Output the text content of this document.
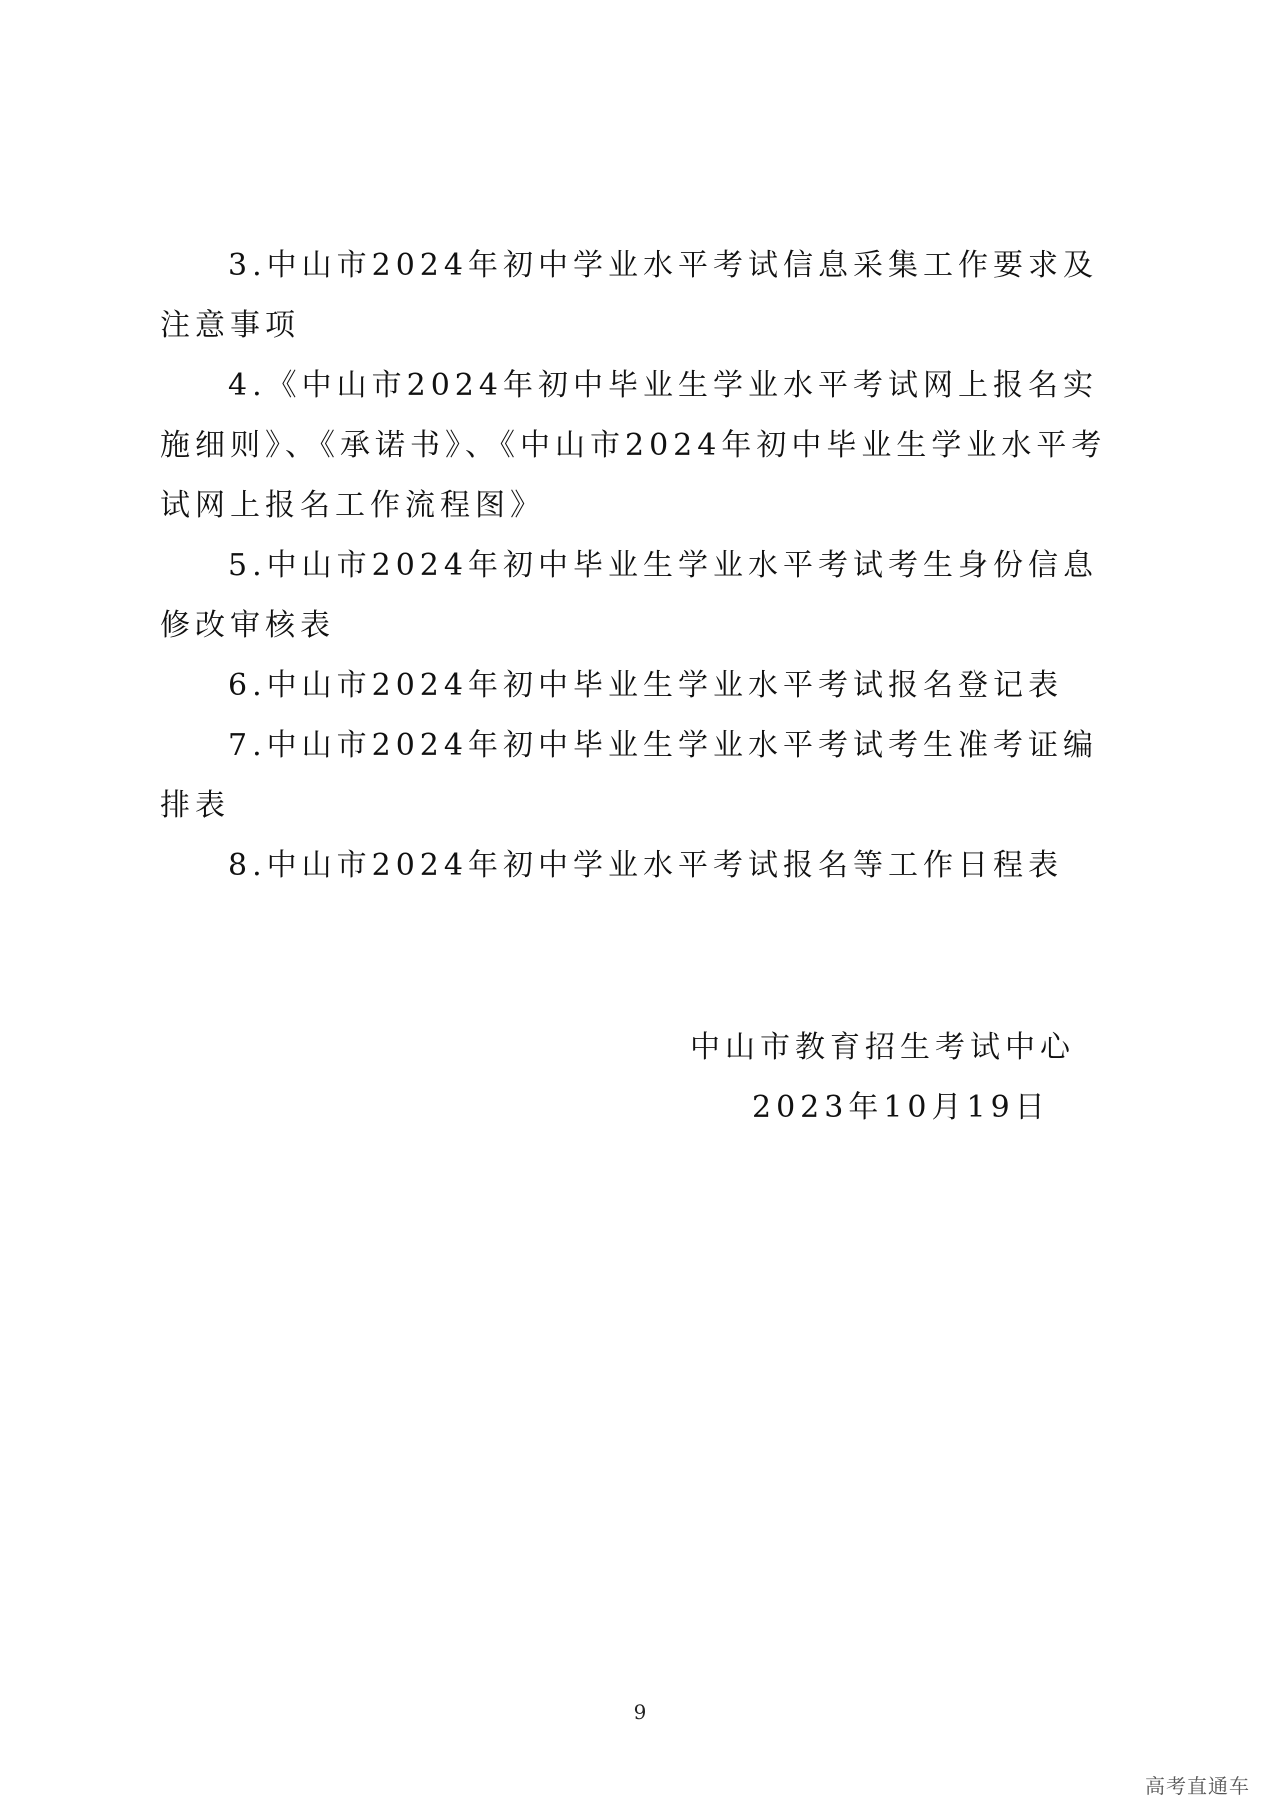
3.中山市2024年初中学业水平考试信息采集工作要求及注意事项
4.《中山市2024年初中毕业生学业水平考试网上报名实施细则》、《承诺书》、《中山市2024年初中毕业生学业水平考试网上报名工作流程图》
5.中山市2024年初中毕业生学业水平考试考生身份信息修改审核表
6.中山市2024年初中毕业生学业水平考试报名登记表
7.中山市2024年初中毕业生学业水平考试考生准考证编排表
8.中山市2024年初中学业水平考试报名等工作日程表
中山市教育招生考试中心
2023年10月19日
9
高考直通车
